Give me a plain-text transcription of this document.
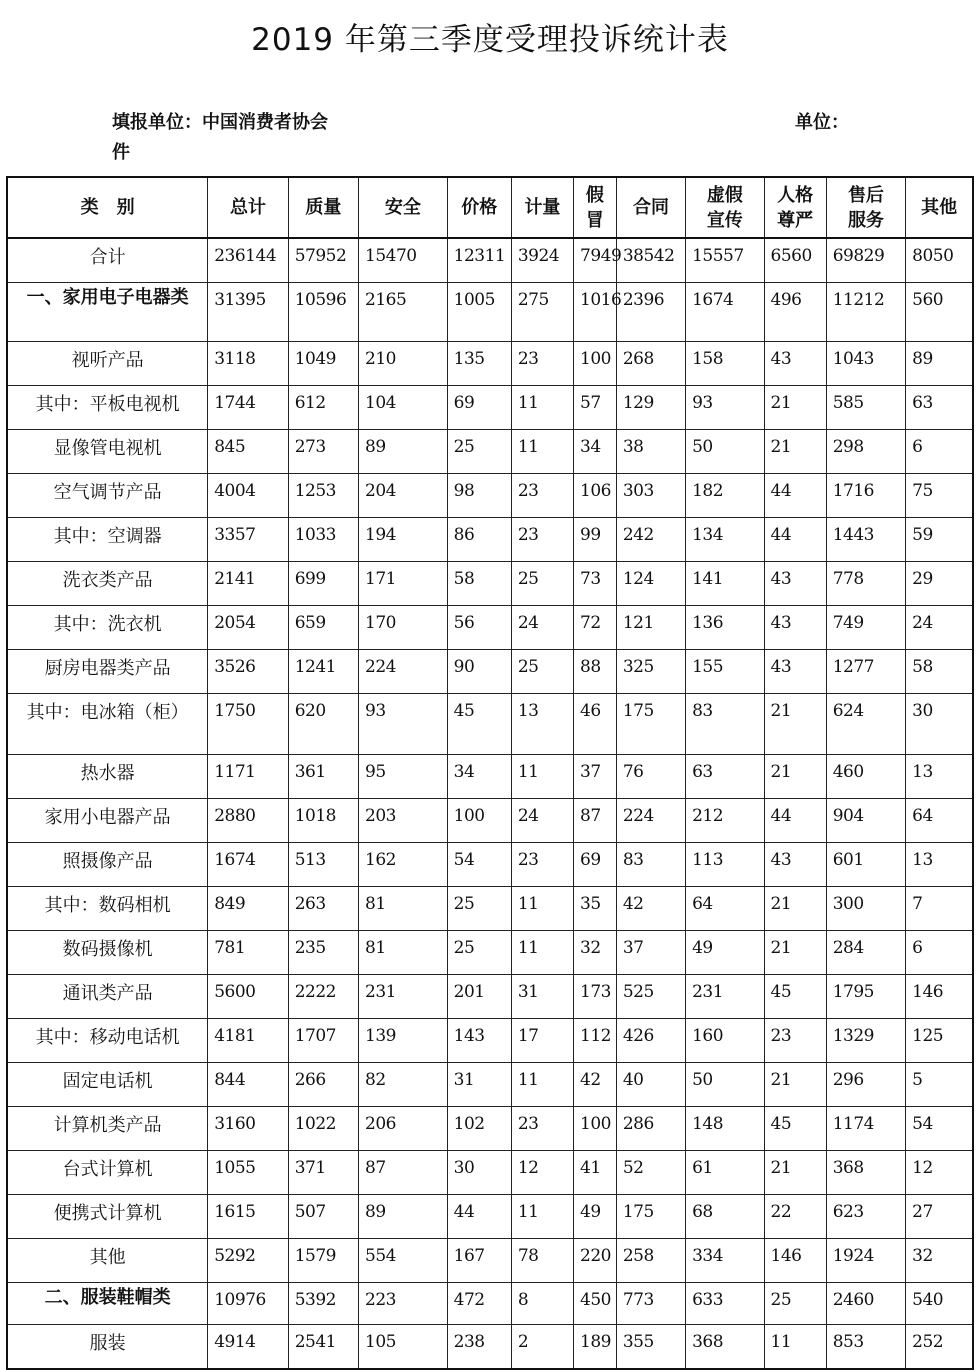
2019 年第三季度受理投诉统计表
填报单位：中国消费者协会
件
单位：
类　别	总计	质量	安全	价格	计量	假冒	合同	虚假宣传	人格尊严	售后服务	其他
合计	236144	57952	15470	12311	3924	7949	38542	15557	6560	69829	8050
一、家用电子电器类	31395	10596	2165	1005	275	1016	2396	1674	496	11212	560
视听产品	3118	1049	210	135	23	100	268	158	43	1043	89
其中：平板电视机	1744	612	104	69	11	57	129	93	21	585	63
显像管电视机	845	273	89	25	11	34	38	50	21	298	6
空气调节产品	4004	1253	204	98	23	106	303	182	44	1716	75
其中：空调器	3357	1033	194	86	23	99	242	134	44	1443	59
洗衣类产品	2141	699	171	58	25	73	124	141	43	778	29
其中：洗衣机	2054	659	170	56	24	72	121	136	43	749	24
厨房电器类产品	3526	1241	224	90	25	88	325	155	43	1277	58
其中：电冰箱（柜）	1750	620	93	45	13	46	175	83	21	624	30
热水器	1171	361	95	34	11	37	76	63	21	460	13
家用小电器产品	2880	1018	203	100	24	87	224	212	44	904	64
照摄像产品	1674	513	162	54	23	69	83	113	43	601	13
其中：数码相机	849	263	81	25	11	35	42	64	21	300	7
数码摄像机	781	235	81	25	11	32	37	49	21	284	6
通讯类产品	5600	2222	231	201	31	173	525	231	45	1795	146
其中：移动电话机	4181	1707	139	143	17	112	426	160	23	1329	125
固定电话机	844	266	82	31	11	42	40	50	21	296	5
计算机类产品	3160	1022	206	102	23	100	286	148	45	1174	54
台式计算机	1055	371	87	30	12	41	52	61	21	368	12
便携式计算机	1615	507	89	44	11	49	175	68	22	623	27
其他	5292	1579	554	167	78	220	258	334	146	1924	32
二、服装鞋帽类	10976	5392	223	472	8	450	773	633	25	2460	540
服装	4914	2541	105	238	2	189	355	368	11	853	252
